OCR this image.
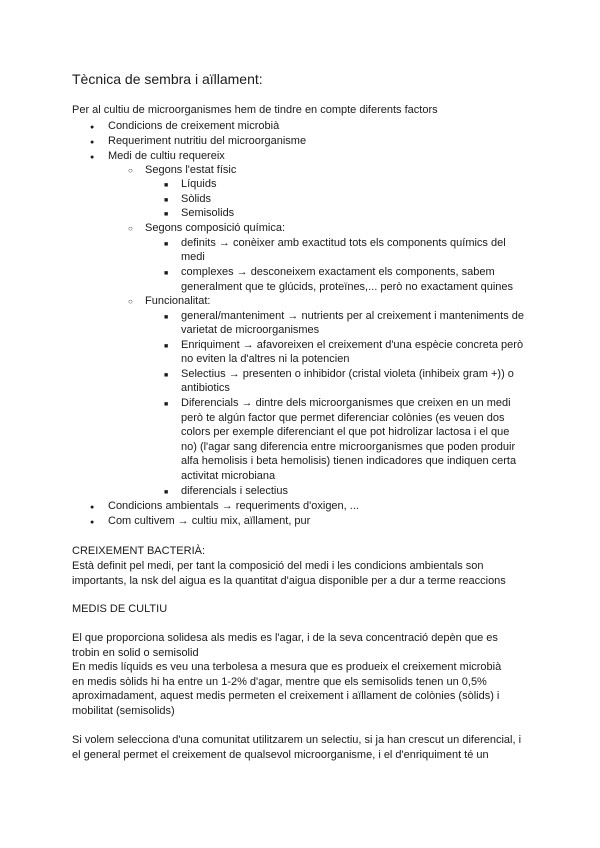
Tècnica de sembra i aïllament:
Per al cultiu de microorganismes hem de tindre en compte diferents factors
●
Condicions de creixement microbià
●
Requeriment nutritiu del microorganisme
●
Medi de cultiu requereix
○
Segons l'estat físic
■
Líquids
■
Sòlids
■
Semisolids
○
Segons composició química:
■
definits → conèixer amb exactitud tots els components químics del
medi
■
complexes → desconeixem exactament els components, sabem
generalment que te glúcids, proteïnes,... però no exactament quines
○
Funcionalitat:
■
general/manteniment → nutrients per al creixement i manteniments de
varietat de microorganismes
■
Enriquiment → afavoreixen el creixement d'una espècie concreta però
no eviten la d'altres ni la potencien
■
Selectius → presenten o inhibidor (cristal violeta (inhibeix gram +)) o
antibiotics
■
Diferencials → dintre dels microorganismes que creixen en un medi
però te algún factor que permet diferenciar colònies (es veuen dos
colors per exemple diferenciant el que pot hidrolizar lactosa i el que
no) (l'agar sang diferencia entre microorganismes que poden produir
alfa hemolisis i beta hemolisis) tienen indicadores que indiquen certa
activitat microbiana
■
diferencials i selectius
●
Condicions ambientals → requeriments d'oxigen, ...
●
Com cultivem → cultiu mix, aïllament, pur
CREIXEMENT BACTERIÀ:
Està definit pel medi, per tant la composició del medi i les condicions ambientals son
importants, la nsk del aigua es la quantitat d'aigua disponible per a dur a terme reaccions
MEDIS DE CULTIU
El que proporciona solidesa als medis es l'agar, i de la seva concentració depèn que es
trobin en solid o semisolid
En medis líquids es veu una terbolesa a mesura que es produeix el creixement microbià
en medis sòlids hi ha entre un 1-2% d'agar, mentre que els semisolids tenen un 0,5%
aproximadament, aquest medis permeten el creixement i aïllament de colònies (sòlids) i
mobilitat (semisolids)
Si volem selecciona d'una comunitat utilitzarem un selectiu, si ja han crescut un diferencial, i
el general permet el creixement de qualsevol microorganisme, i el d'enriquiment té un
